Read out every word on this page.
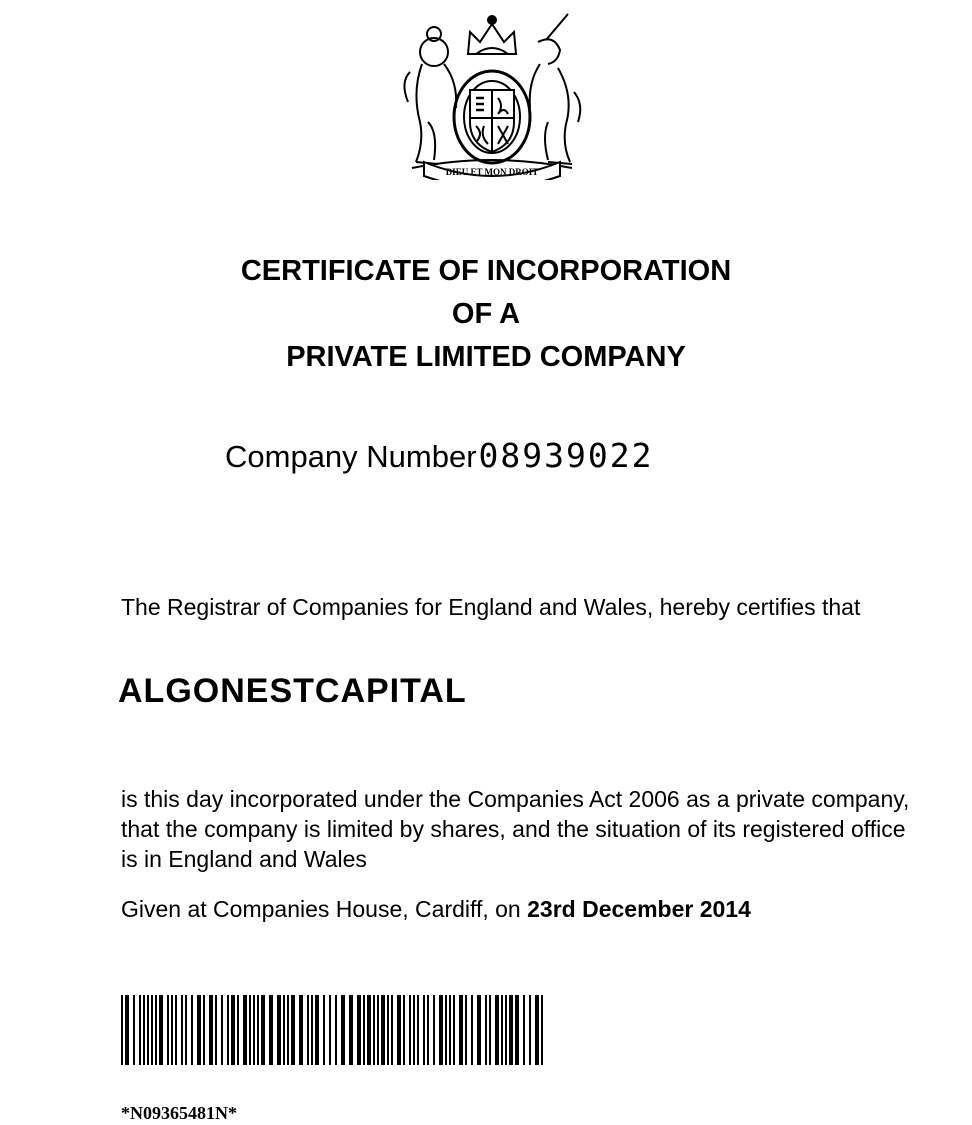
DIEU ET MON DROIT
CERTIFICATE OF INCORPORATION
OF A
PRIVATE LIMITED COMPANY
Company Number08939022
The Registrar of Companies for England and Wales, hereby certifies that
ALGONESTCAPITAL
is this day incorporated under the Companies Act 2006 as a private company, that the company is limited by shares, and the situation of its registered office is in England and Wales
Given at Companies House, Cardiff, on 23rd December 2014
*N09365481N*
